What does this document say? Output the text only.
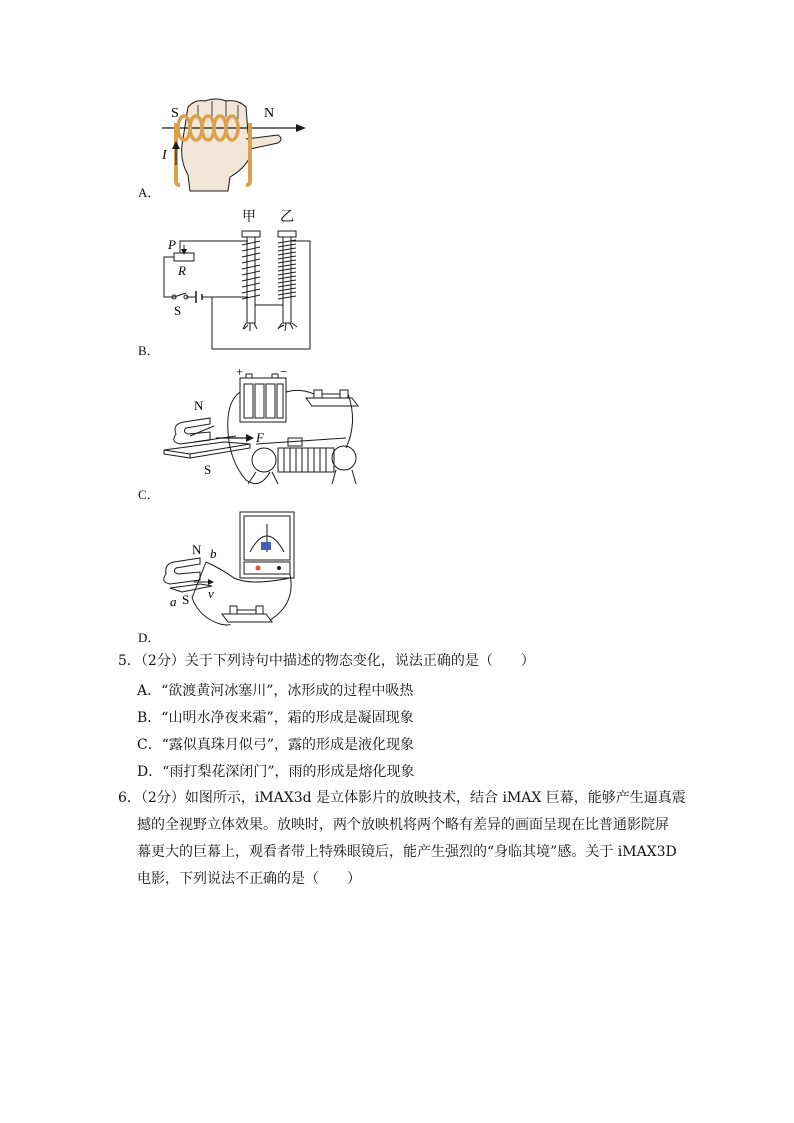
S	N
I
A．
甲 乙
P
R
S
B．
+	−
N
S
F
C．
N
S
a
b
v
D．
5．（2分）关于下列诗句中描述的物态变化，说法正确的是（　　）
A．“欲渡黄河冰塞川”，冰形成的过程中吸热
B．“山明水净夜来霜”，霜的形成是凝固现象
C．“露似真珠月似弓”，露的形成是液化现象
D．“雨打梨花深闭门”，雨的形成是熔化现象
6．（2分）如图所示，iMAX3d 是立体影片的放映技术，结合 iMAX 巨幕，能够产生逼真震
撼的全视野立体效果。放映时，两个放映机将两个略有差异的画面呈现在比普通影院屏
幕更大的巨幕上，观看者带上特殊眼镜后，能产生强烈的“身临其境”感。关于 iMAX3D
电影，下列说法不正确的是（　　）
